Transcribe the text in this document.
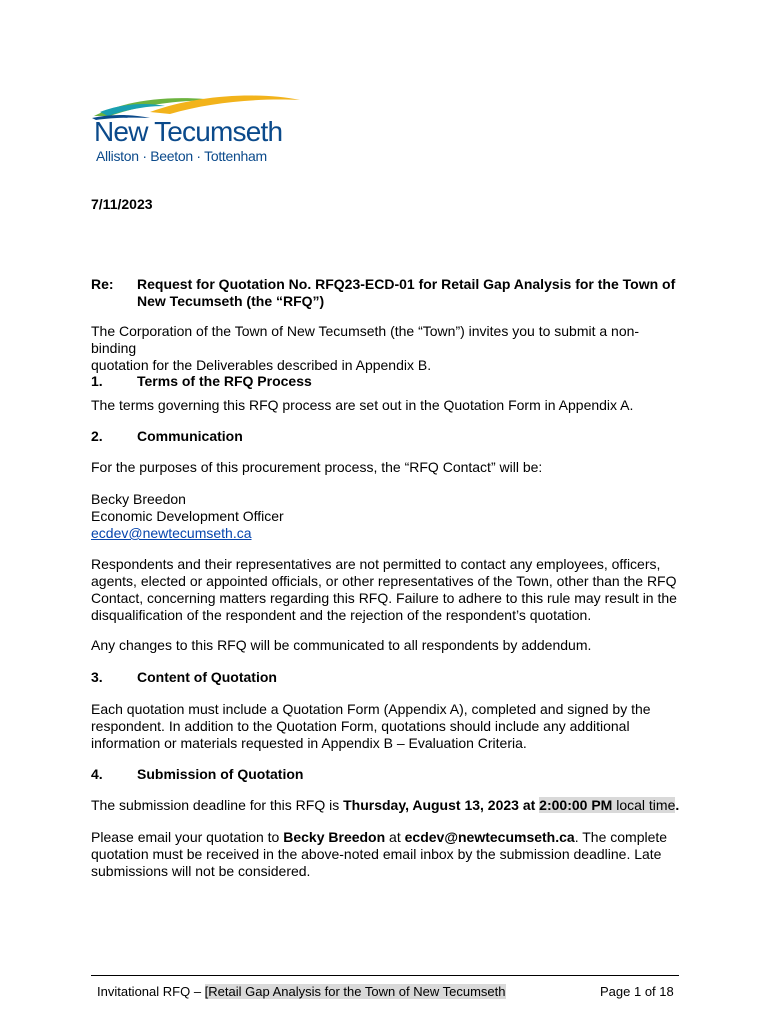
New Tecumseth
Alliston · Beeton · Tottenham
7/11/2023
Re: Request for Quotation No. RFQ23-ECD-01 for Retail Gap Analysis for the Town of
New Tecumseth (the “RFQ”)
The Corporation of the Town of New Tecumseth (the “Town”) invites you to submit a non-binding
quotation for the Deliverables described in Appendix B.
1. Terms of the RFQ Process
The terms governing this RFQ process are set out in the Quotation Form in Appendix A.
2. Communication
For the purposes of this procurement process, the “RFQ Contact” will be:
Becky Breedon
Economic Development Officer
ecdev@newtecumseth.ca
Respondents and their representatives are not permitted to contact any employees, officers,
agents, elected or appointed officials, or other representatives of the Town, other than the RFQ
Contact, concerning matters regarding this RFQ. Failure to adhere to this rule may result in the
disqualification of the respondent and the rejection of the respondent’s quotation.
Any changes to this RFQ will be communicated to all respondents by addendum.
3. Content of Quotation
Each quotation must include a Quotation Form (Appendix A), completed and signed by the
respondent. In addition to the Quotation Form, quotations should include any additional
information or materials requested in Appendix B – Evaluation Criteria.
4. Submission of Quotation
The submission deadline for this RFQ is Thursday, August 13, 2023 at 2:00:00 PM local time.
Please email your quotation to Becky Breedon at ecdev@newtecumseth.ca. The complete
quotation must be received in the above-noted email inbox by the submission deadline. Late
submissions will not be considered.
Invitational RFQ – [Retail Gap Analysis for the Town of New Tecumseth	Page 1 of 18
